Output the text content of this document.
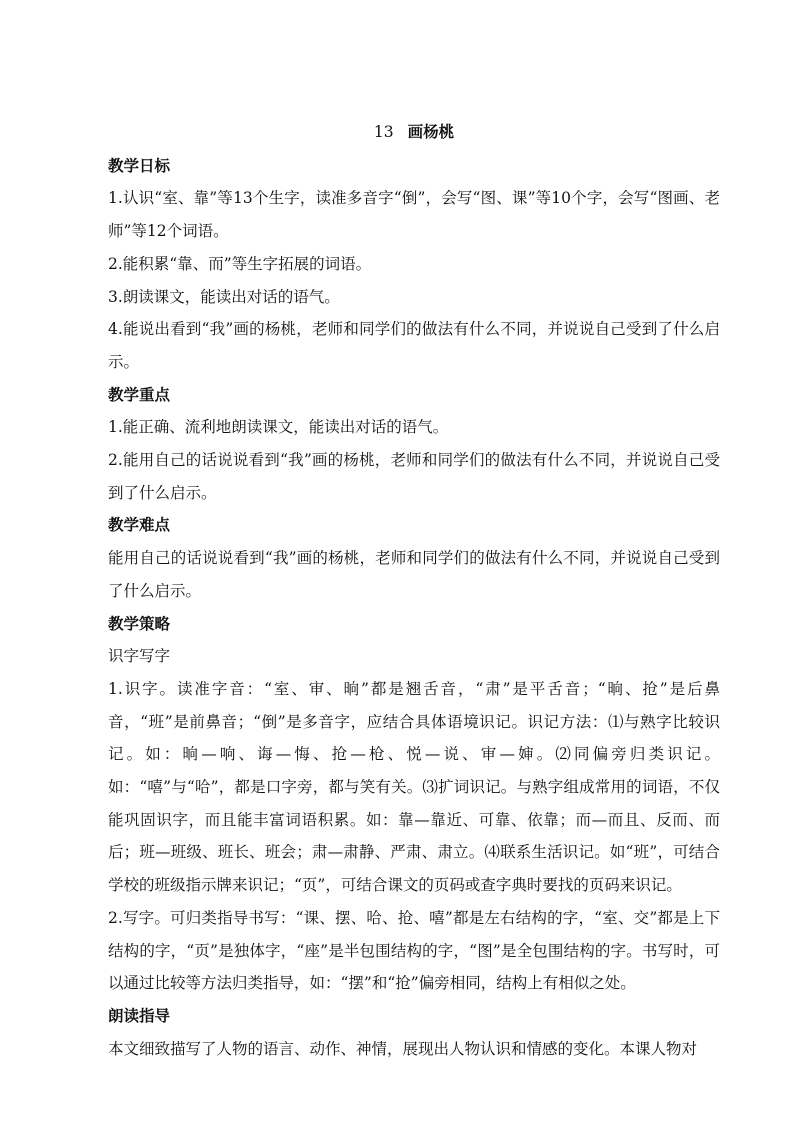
13 画杨桃

教学日标

1.认识“室、靠”等13个生字，读准多音字“倒”，会写“图、课”等10个字，会写“图画、老师”等12个词语。

2.能积累“靠、而”等生字拓展的词语。

3.朗读课文，能读出对话的语气。

4.能说出看到“我”画的杨桃，老师和同学们的做法有什么不同，并说说自己受到了什么启示。

教学重点

1.能正确、流利地朗读课文，能读出对话的语气。

2.能用自己的话说说看到“我”画的杨桃，老师和同学们的做法有什么不同，并说说自己受到了什么启示。

教学难点

能用自己的话说说看到“我”画的杨桃，老师和同学们的做法有什么不同，并说说自己受到了什么启示。

教学策略

识字写字

1.识字。读准字音：“室、审、晌”都是翘舌音，“肃”是平舌音；“晌、抢”是后鼻音，“班”是前鼻音；“倒”是多音字，应结合具体语境识记。识记方法：⑴与熟字比较识记。如：晌—响、诲—悔、抢—枪、悦—说、审—婶。⑵同偏旁归类识记。如：“嘻”与“哈”，都是口字旁，都与笑有关。⑶扩词识记。与熟字组成常用的词语，不仅能巩固识字，而且能丰富词语积累。如：靠—靠近、可靠、依靠；而—而且、反而、而后；班—班级、班长、班会；肃—肃静、严肃、肃立。⑷联系生活识记。如“班”，可结合学校的班级指示牌来识记；“页”，可结合课文的页码或查字典时要找的页码来识记。

2.写字。可归类指导书写：“课、摆、哈、抢、嘻”都是左右结构的字，“室、交”都是上下结构的字，“页”是独体字，“座”是半包围结构的字，“图”是全包围结构的字。书写时，可以通过比较等方法归类指导，如：“摆”和“抢”偏旁相同，结构上有相似之处。

朗读指导

本文细致描写了人物的语言、动作、神情，展现出人物认识和情感的变化。本课人物对
